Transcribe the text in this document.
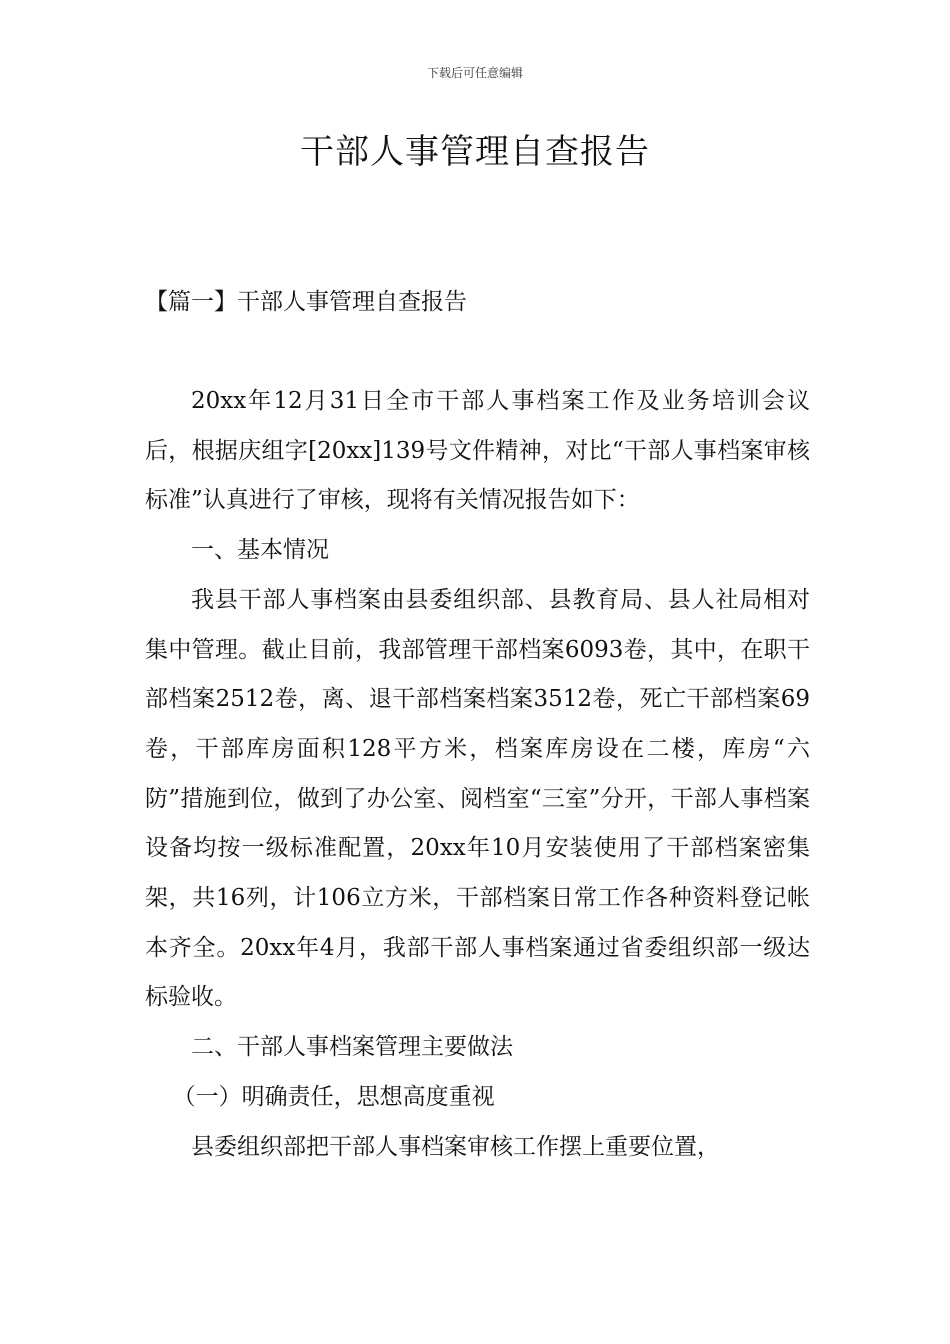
下载后可任意编辑
干部人事管理自查报告
【篇一】干部人事管理自查报告

20xx年12月31日全市干部人事档案工作及业务培训会议后，根据庆组字[20xx]139号文件精神，对比“干部人事档案审核标准”认真进行了审核，现将有关情况报告如下：

一、基本情况

我县干部人事档案由县委组织部、县教育局、县人社局相对集中管理。截止目前，我部管理干部档案6093卷，其中，在职干部档案2512卷，离、退干部档案档案3512卷，死亡干部档案69卷，干部库房面积128平方米，档案库房设在二楼，库房“六防”措施到位，做到了办公室、阅档室“三室”分开，干部人事档案设备均按一级标准配置，20xx年10月安装使用了干部档案密集架，共16列，计106立方米，干部档案日常工作各种资料登记帐本齐全。20xx年4月，我部干部人事档案通过省委组织部一级达标验收。

二、干部人事档案管理主要做法

（一）明确责任，思想高度重视

县委组织部把干部人事档案审核工作摆上重要位置，
